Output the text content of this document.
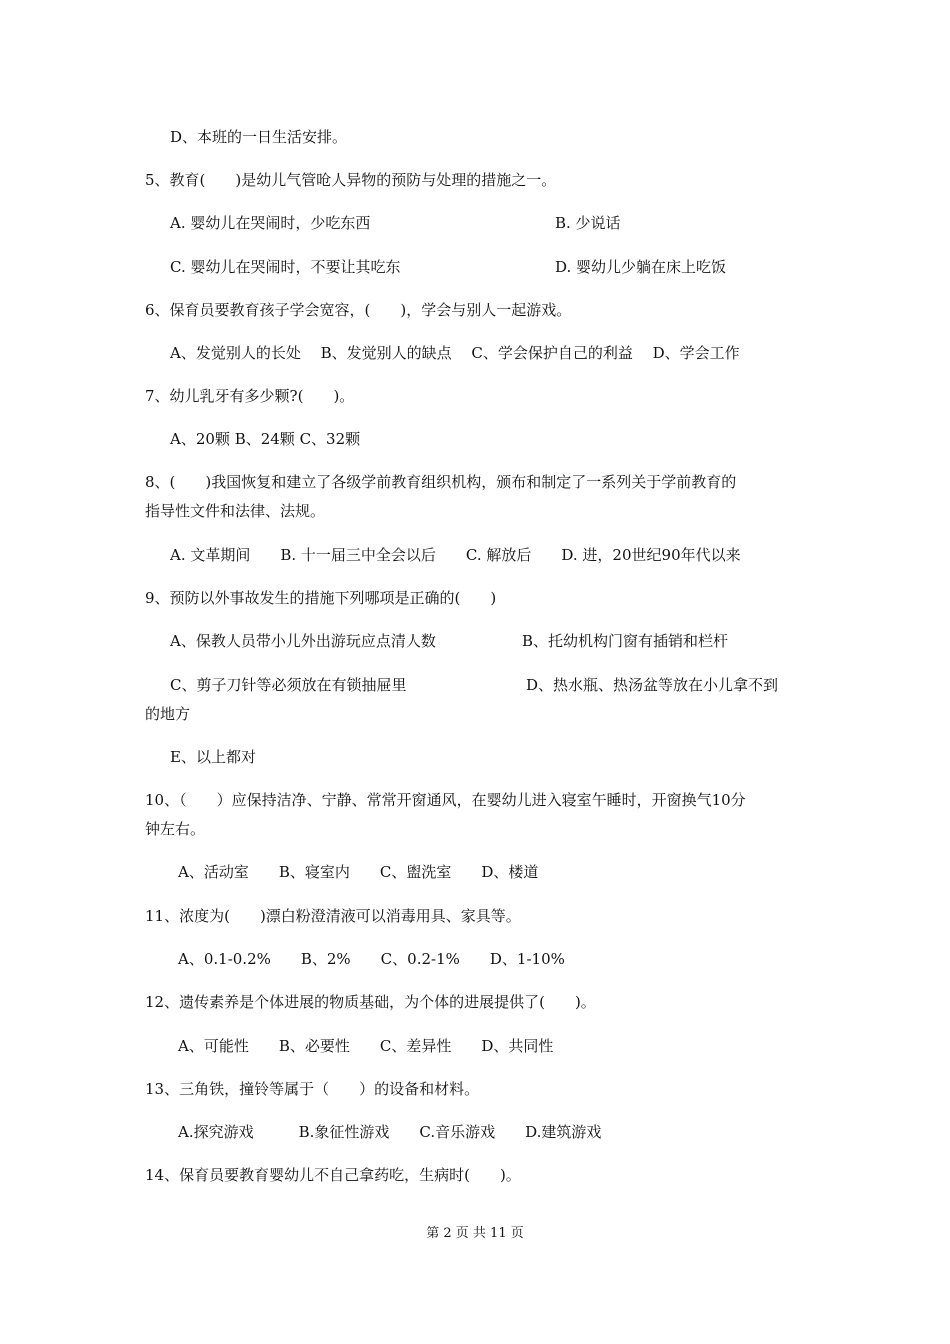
D、本班的一日生活安排。
5、教育(　　)是幼儿气管呛人异物的预防与处理的措施之一。
A. 婴幼儿在哭闹时，少吃东西	B. 少说话
C. 婴幼儿在哭闹时，不要让其吃东	D. 婴幼儿少躺在床上吃饭
6、保育员要教育孩子学会宽容，(　　)，学会与别人一起游戏。
A、发觉别人的长处　 B、发觉别人的缺点　 C、学会保护自己的利益　 D、学会工作
7、幼儿乳牙有多少颗?(　　)。
A、20颗 B、24颗 C、32颗
8、(　　)我国恢复和建立了各级学前教育组织机构，颁布和制定了一系列关于学前教育的
指导性文件和法律、法规。
A. 文革期间　　B. 十一届三中全会以后　　C. 解放后　　D. 进，20世纪90年代以来
9、预防以外事故发生的措施下列哪项是正确的(　　)
A、保教人员带小儿外出游玩应点清人数	B、托幼机构门窗有插销和栏杆
C、剪子刀针等必须放在有锁抽屉里	D、热水瓶、热汤盆等放在小儿拿不到
的地方
E、以上都对
10、（　　）应保持洁净、宁静、常常开窗通风，在婴幼儿进入寝室午睡时，开窗换气10分
钟左右。
A、活动室　　B、寝室内　　C、盥洗室　　D、楼道
11、浓度为(　　)漂白粉澄清液可以消毒用具、家具等。
A、0.1-0.2%　　B、2%　　C、0.2-1%　　D、1-10%
12、遗传素养是个体进展的物质基础，为个体的进展提供了(　　)。
A、可能性　　B、必要性　　C、差异性　　D、共同性
13、三角铁，撞铃等属于（　　）的设备和材料。
A.探究游戏　　　B.象征性游戏　　C.音乐游戏　　D.建筑游戏
14、保育员要教育婴幼儿不自己拿药吃，生病时(　　)。
第 2 页 共 11 页
